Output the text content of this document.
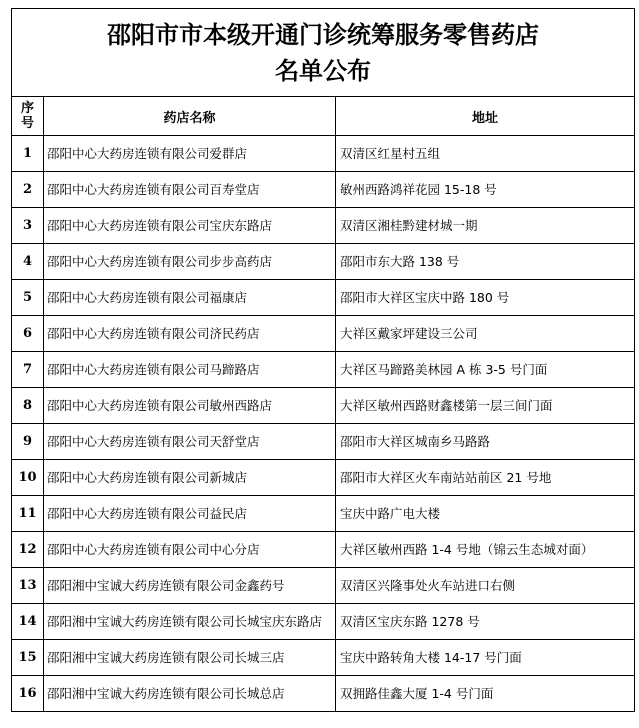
邵阳市市本级开通门诊统筹服务零售药店
名单公布		

序
号	药店名称	地址
1	邵阳中心大药房连锁有限公司爱群店	双清区红星村五组
2	邵阳中心大药房连锁有限公司百寿堂店	敏州西路鸿祥花园 15-18 号
3	邵阳中心大药房连锁有限公司宝庆东路店	双清区湘桂黔建材城一期
4	邵阳中心大药房连锁有限公司步步高药店	邵阳市东大路 138 号
5	邵阳中心大药房连锁有限公司福康店	邵阳市大祥区宝庆中路 180 号
6	邵阳中心大药房连锁有限公司济民药店	大祥区戴家坪建设三公司
7	邵阳中心大药房连锁有限公司马蹄路店	大祥区马蹄路美林园 A 栋 3-5 号门面
8	邵阳中心大药房连锁有限公司敏州西路店	大祥区敏州西路财鑫楼第一层三间门面
9	邵阳中心大药房连锁有限公司天舒堂店	邵阳市大祥区城南乡马路路
10	邵阳中心大药房连锁有限公司新城店	邵阳市大祥区火车南站站前区 21 号地
11	邵阳中心大药房连锁有限公司益民店	宝庆中路广电大楼
12	邵阳中心大药房连锁有限公司中心分店	大祥区敏州西路 1-4 号地（锦云生态城对面）
13	邵阳湘中宝诚大药房连锁有限公司金鑫药号	双清区兴隆事处火车站进口右侧
14	邵阳湘中宝诚大药房连锁有限公司长城宝庆东路店	双清区宝庆东路 1278 号
15	邵阳湘中宝诚大药房连锁有限公司长城三店	宝庆中路转角大楼 14-17 号门面
16	邵阳湘中宝诚大药房连锁有限公司长城总店	双拥路佳鑫大厦 1-4 号门面
